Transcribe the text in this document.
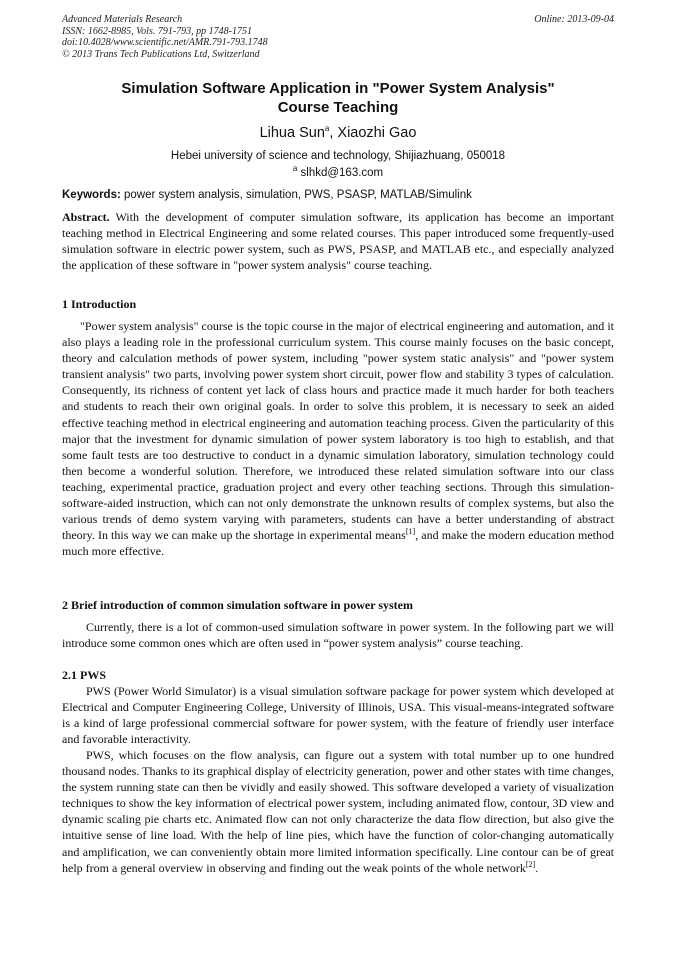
Advanced Materials Research
ISSN: 1662-8985, Vols. 791-793, pp 1748-1751
doi:10.4028/www.scientific.net/AMR.791-793.1748
© 2013 Trans Tech Publications Ltd, Switzerland
Online: 2013-09-04
Simulation Software Application in "Power System Analysis"
Course Teaching
Lihua Sun$^a$, Xiaozhi Gao
Hebei university of science and technology, Shijiazhuang, 050018
$^a$ slhkd@163.com
Keywords: power system analysis, simulation, PWS, PSASP, MATLAB/Simulink
Abstract. With the development of computer simulation software, its application has become an important teaching method in Electrical Engineering and some related courses. This paper introduced some frequently-used simulation software in electric power system, such as PWS, PSASP, and MATLAB etc., and especially analyzed the application of these software in "power system analysis" course teaching.
1 Introduction
"Power system analysis" course is the topic course in the major of electrical engineering and automation, and it also plays a leading role in the professional curriculum system. This course mainly focuses on the basic concept, theory and calculation methods of power system, including "power system static analysis" and "power system transient analysis" two parts, involving power system short circuit, power flow and stability 3 types of calculation. Consequently, its richness of content yet lack of class hours and practice made it much harder for both teachers and students to reach their own original goals. In order to solve this problem, it is necessary to seek an aided effective teaching method in electrical engineering and automation teaching process. Given the particularity of this major that the investment for dynamic simulation of power system laboratory is too high to establish, and that some fault tests are too destructive to conduct in a dynamic simulation laboratory, simulation technology could then become a wonderful solution. Therefore, we introduced these related simulation software into our class teaching, experimental practice, graduation project and every other teaching sections. Through this simulation-software-aided instruction, which can not only demonstrate the unknown results of complex systems, but also the various trends of demo system varying with parameters, students can have a better understanding of abstract theory. In this way we can make up the shortage in experimental means[1], and make the modern education method much more effective.
2 Brief introduction of common simulation software in power system
Currently, there is a lot of common-used simulation software in power system. In the following part we will introduce some common ones which are often used in “power system analysis” course teaching.
2.1 PWS
PWS (Power World Simulator) is a visual simulation software package for power system which developed at Electrical and Computer Engineering College, University of Illinois, USA. This visual-means-integrated software is a kind of large professional commercial software for power system, with the feature of friendly user interface and favorable interactivity.
PWS, which focuses on the flow analysis, can figure out a system with total number up to one hundred thousand nodes. Thanks to its graphical display of electricity generation, power and other states with time changes, the system running state can then be vividly and easily showed. This software developed a variety of visualization techniques to show the key information of electrical power system, including animated flow, contour, 3D view and dynamic scaling pie charts etc. Animated flow can not only characterize the data flow direction, but also give the intuitive sense of line load. With the help of line pies, which have the function of color-changing automatically and amplification, we can conveniently obtain more limited information specifically. Line contour can be of great help from a general overview in observing and finding out the weak points of the whole network[2].
